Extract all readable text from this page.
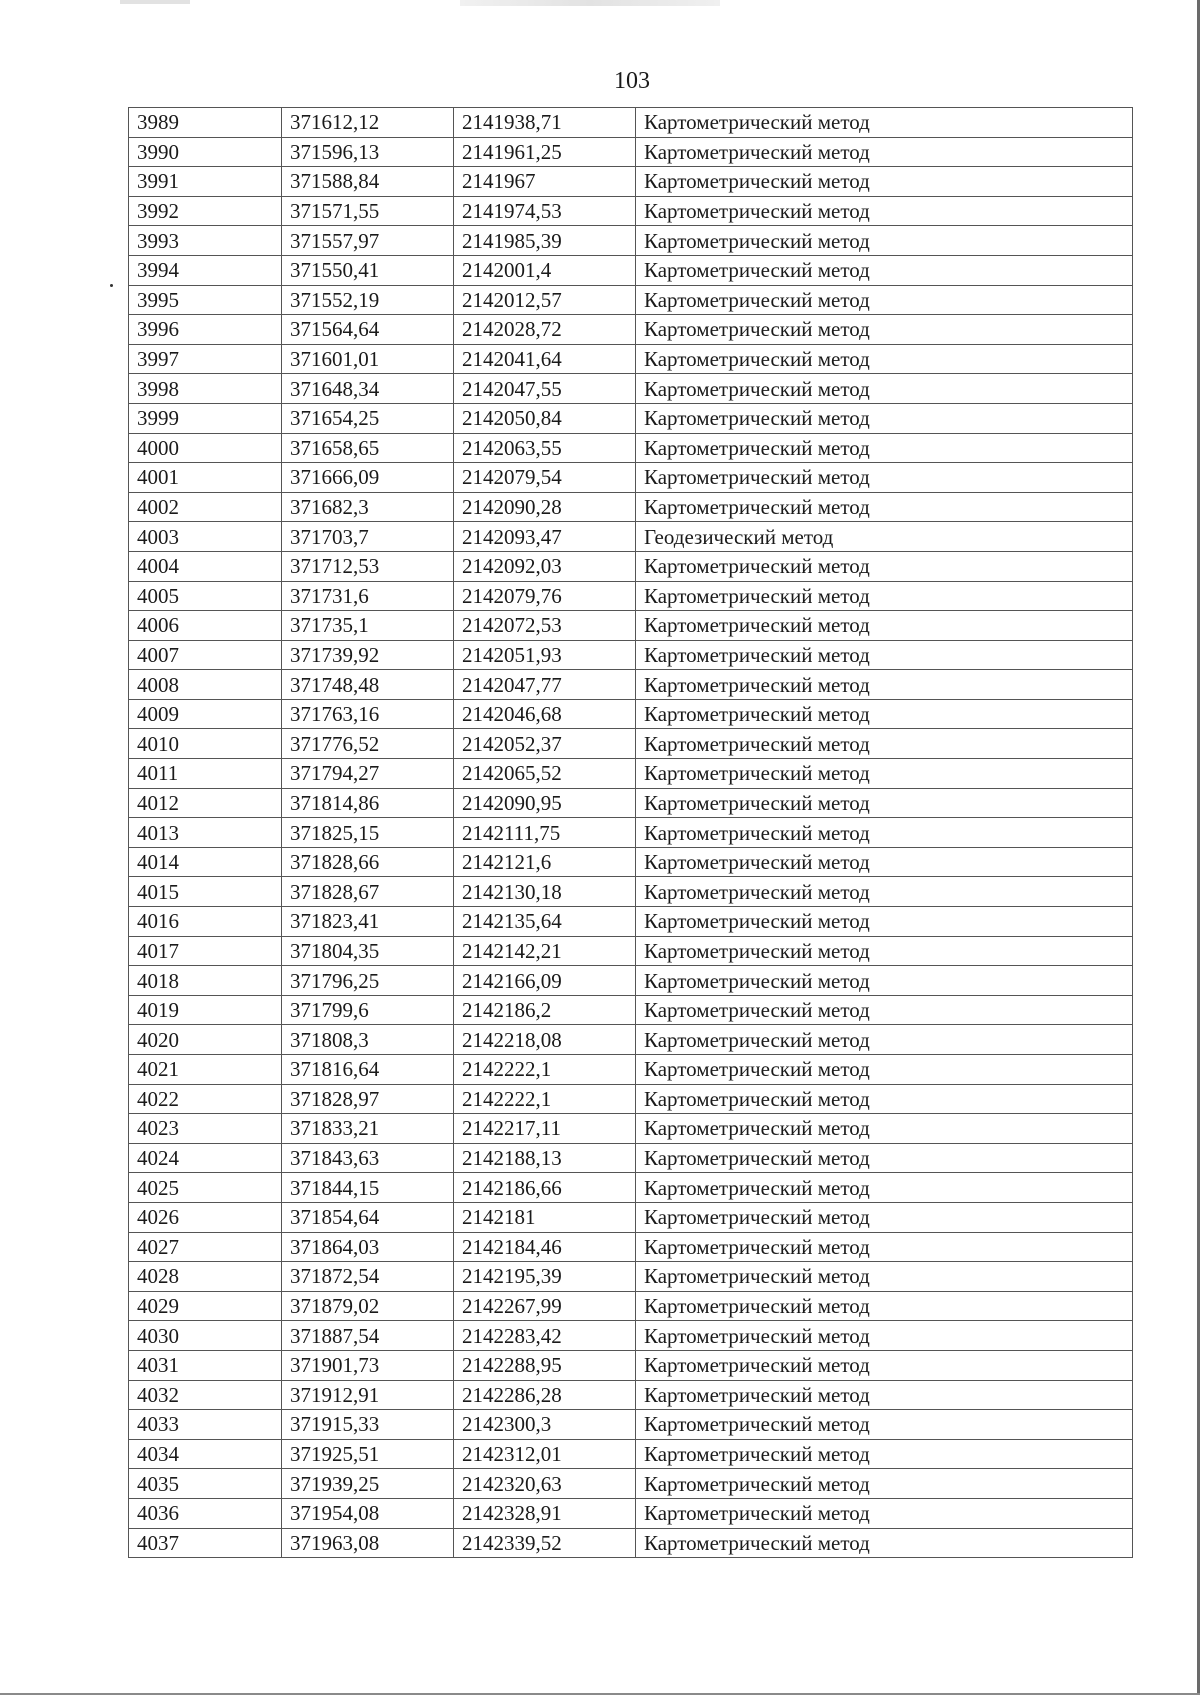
103
3989	371612,12	2141938,71	Картометрический метод
3990	371596,13	2141961,25	Картометрический метод
3991	371588,84	2141967	Картометрический метод
3992	371571,55	2141974,53	Картометрический метод
3993	371557,97	2141985,39	Картометрический метод
3994	371550,41	2142001,4	Картометрический метод
3995	371552,19	2142012,57	Картометрический метод
3996	371564,64	2142028,72	Картометрический метод
3997	371601,01	2142041,64	Картометрический метод
3998	371648,34	2142047,55	Картометрический метод
3999	371654,25	2142050,84	Картометрический метод
4000	371658,65	2142063,55	Картометрический метод
4001	371666,09	2142079,54	Картометрический метод
4002	371682,3	2142090,28	Картометрический метод
4003	371703,7	2142093,47	Геодезический метод
4004	371712,53	2142092,03	Картометрический метод
4005	371731,6	2142079,76	Картометрический метод
4006	371735,1	2142072,53	Картометрический метод
4007	371739,92	2142051,93	Картометрический метод
4008	371748,48	2142047,77	Картометрический метод
4009	371763,16	2142046,68	Картометрический метод
4010	371776,52	2142052,37	Картометрический метод
4011	371794,27	2142065,52	Картометрический метод
4012	371814,86	2142090,95	Картометрический метод
4013	371825,15	2142111,75	Картометрический метод
4014	371828,66	2142121,6	Картометрический метод
4015	371828,67	2142130,18	Картометрический метод
4016	371823,41	2142135,64	Картометрический метод
4017	371804,35	2142142,21	Картометрический метод
4018	371796,25	2142166,09	Картометрический метод
4019	371799,6	2142186,2	Картометрический метод
4020	371808,3	2142218,08	Картометрический метод
4021	371816,64	2142222,1	Картометрический метод
4022	371828,97	2142222,1	Картометрический метод
4023	371833,21	2142217,11	Картометрический метод
4024	371843,63	2142188,13	Картометрический метод
4025	371844,15	2142186,66	Картометрический метод
4026	371854,64	2142181	Картометрический метод
4027	371864,03	2142184,46	Картометрический метод
4028	371872,54	2142195,39	Картометрический метод
4029	371879,02	2142267,99	Картометрический метод
4030	371887,54	2142283,42	Картометрический метод
4031	371901,73	2142288,95	Картометрический метод
4032	371912,91	2142286,28	Картометрический метод
4033	371915,33	2142300,3	Картометрический метод
4034	371925,51	2142312,01	Картометрический метод
4035	371939,25	2142320,63	Картометрический метод
4036	371954,08	2142328,91	Картометрический метод
4037	371963,08	2142339,52	Картометрический метод
